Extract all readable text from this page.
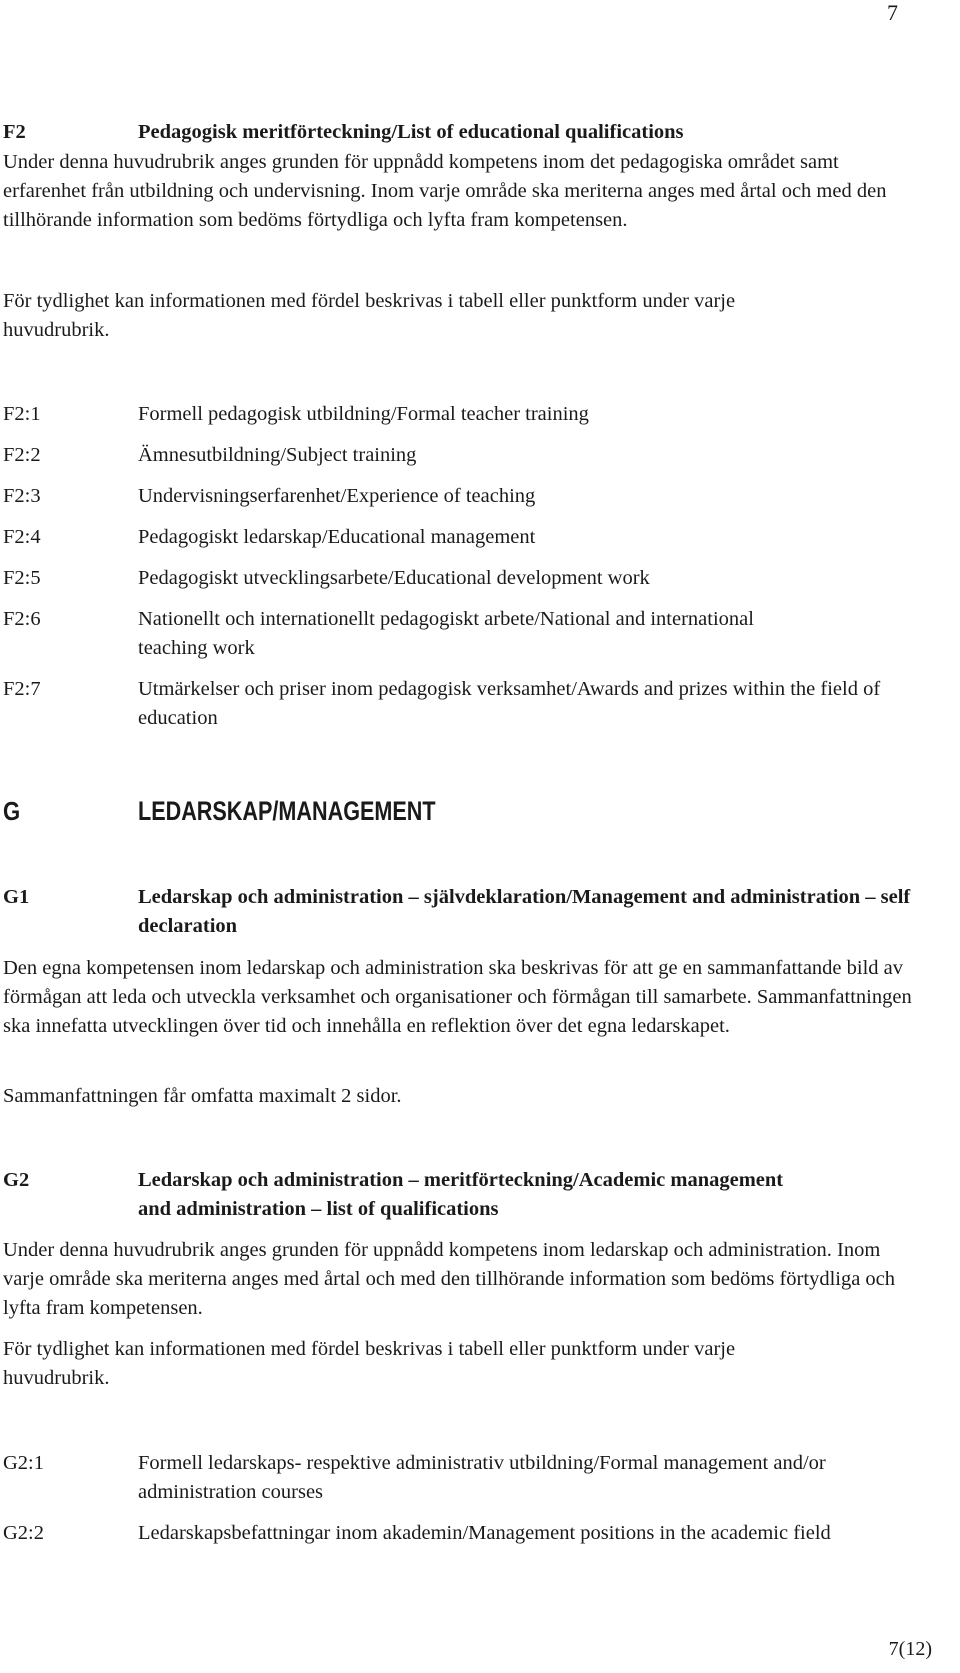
7
F2	Pedagogisk meritförteckning/List of educational qualifications
Under denna huvudrubrik anges grunden för uppnådd kompetens inom det pedagogiska området samt erfarenhet från utbildning och undervisning. Inom varje område ska meriterna anges med årtal och med den tillhörande information som bedöms förtydliga och lyfta fram kompetensen.
För tydlighet kan informationen med fördel beskrivas i tabell eller punktform under varje huvudrubrik.
F2:1	Formell pedagogisk utbildning/Formal teacher training
F2:2	Ämnesutbildning/Subject training
F2:3	Undervisningserfarenhet/Experience of teaching
F2:4	Pedagogiskt ledarskap/Educational management
F2:5	Pedagogiskt utvecklingsarbete/Educational development work
F2:6	Nationellt och internationellt pedagogiskt arbete/National and international teaching work
F2:7	Utmärkelser och priser inom pedagogisk verksamhet/Awards and prizes within the field of education
G	LEDARSKAP/MANAGEMENT
G1	Ledarskap och administration – självdeklaration/Management and administration – self declaration
Den egna kompetensen inom ledarskap och administration ska beskrivas för att ge en sammanfattande bild av förmågan att leda och utveckla verksamhet och organisationer och förmågan till samarbete. Sammanfattningen ska innefatta utvecklingen över tid och innehålla en reflektion över det egna ledarskapet.
Sammanfattningen får omfatta maximalt 2 sidor.
G2	Ledarskap och administration – meritförteckning/Academic management and administration – list of qualifications
Under denna huvudrubrik anges grunden för uppnådd kompetens inom ledarskap och administration. Inom varje område ska meriterna anges med årtal och med den tillhörande information som bedöms förtydliga och lyfta fram kompetensen.
För tydlighet kan informationen med fördel beskrivas i tabell eller punktform under varje huvudrubrik.
G2:1	Formell ledarskaps- respektive administrativ utbildning/Formal management and/or administration courses
G2:2	Ledarskapsbefattningar inom akademin/Management positions in the academic field
7(12)
